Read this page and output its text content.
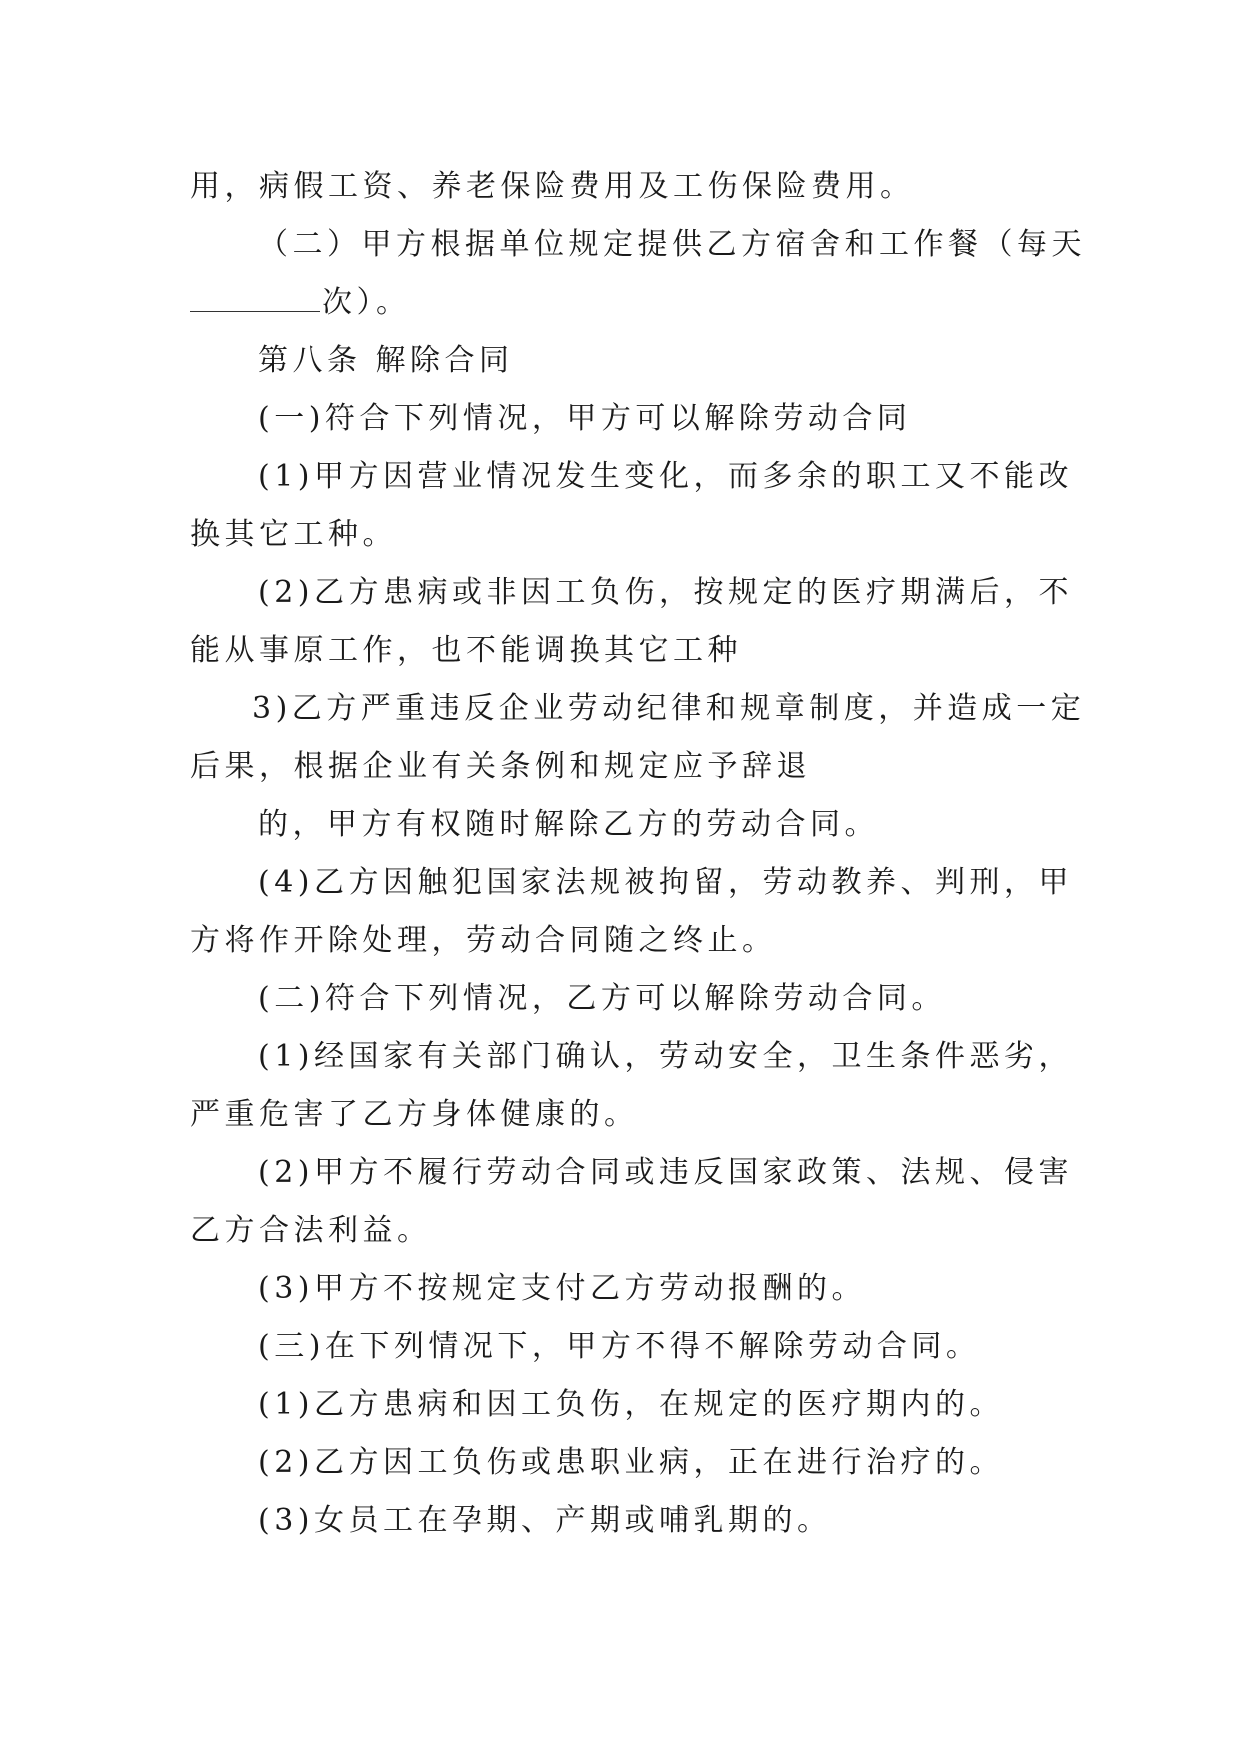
用，病假工资、养老保险费用及工伤保险费用。
（二）甲方根据单位规定提供乙方宿舍和工作餐（每天
次）。
第八条 解除合同
(一)符合下列情况，甲方可以解除劳动合同
(1)甲方因营业情况发生变化，而多余的职工又不能改
换其它工种。
(2)乙方患病或非因工负伤，按规定的医疗期满后，不
能从事原工作，也不能调换其它工种
3)乙方严重违反企业劳动纪律和规章制度，并造成一定
后果，根据企业有关条例和规定应予辞退
的，甲方有权随时解除乙方的劳动合同。
(4)乙方因触犯国家法规被拘留，劳动教养、判刑，甲
方将作开除处理，劳动合同随之终止。
(二)符合下列情况，乙方可以解除劳动合同。
(1)经国家有关部门确认，劳动安全，卫生条件恶劣，
严重危害了乙方身体健康的。
(2)甲方不履行劳动合同或违反国家政策、法规、侵害
乙方合法利益。
(3)甲方不按规定支付乙方劳动报酬的。
(三)在下列情况下，甲方不得不解除劳动合同。
(1)乙方患病和因工负伤，在规定的医疗期内的。
(2)乙方因工负伤或患职业病，正在进行治疗的。
(3)女员工在孕期、产期或哺乳期的。
